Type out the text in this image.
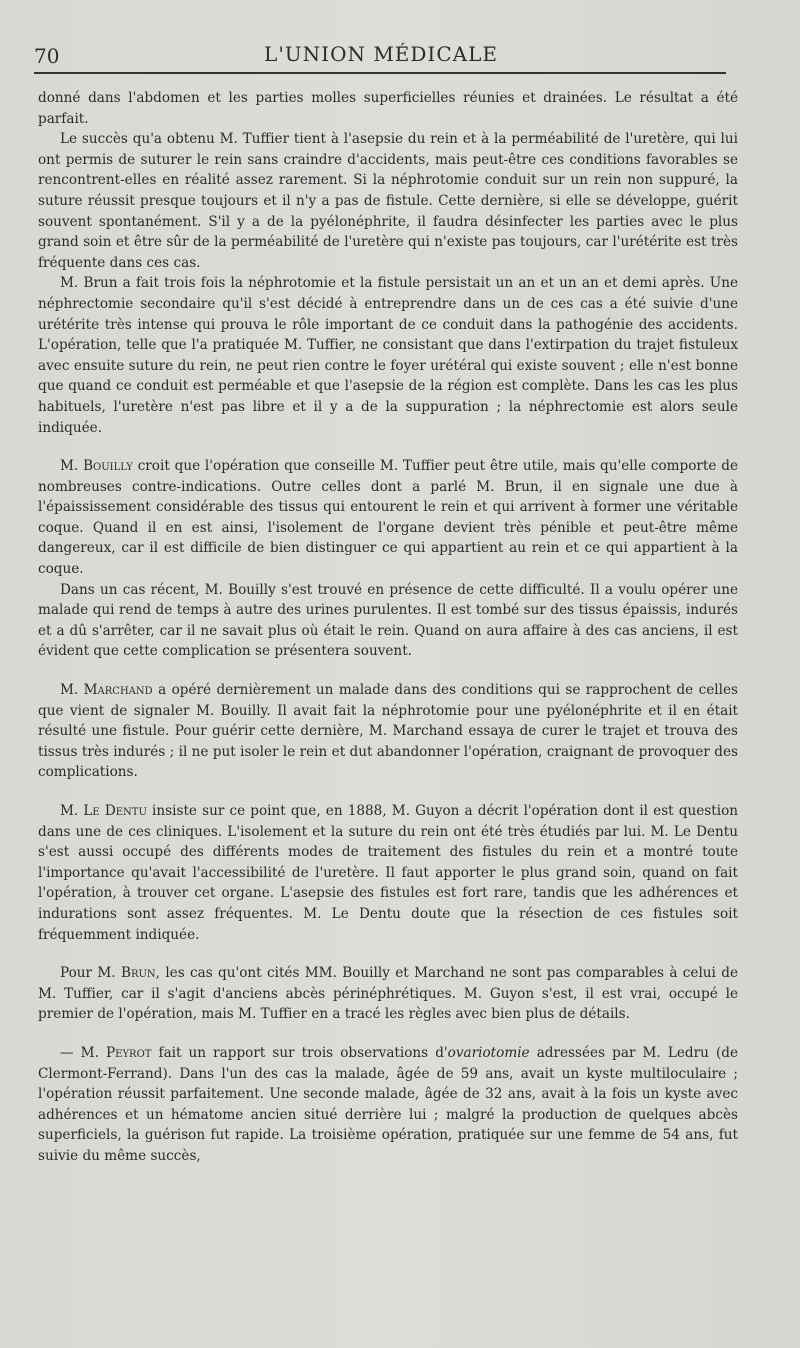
70	L'UNION MÉDICALE

donné dans l'abdomen et les parties molles superficielles réunies et drainées. Le résultat a été parfait.

Le succès qu'a obtenu M. Tuffier tient à l'asepsie du rein et à la perméabilité de l'uretère, qui lui ont permis de suturer le rein sans craindre d'accidents, mais peut-être ces conditions favorables se rencontrent-elles en réalité assez rarement. Si la néphrotomie conduit sur un rein non suppuré, la suture réussit presque toujours et il n'y a pas de fistule. Cette dernière, si elle se développe, guérit souvent spontanément. S'il y a de la pyélonéphrite, il faudra désinfecter les parties avec le plus grand soin et être sûr de la perméabilité de l'uretère qui n'existe pas toujours, car l'urétérite est très fréquente dans ces cas.

M. Brun a fait trois fois la néphrotomie et la fistule persistait un an et un an et demi après. Une néphrectomie secondaire qu'il s'est décidé à entreprendre dans un de ces cas a été suivie d'une urétérite très intense qui prouva le rôle important de ce conduit dans la pathogénie des accidents. L'opération, telle que l'a pratiquée M. Tuffier, ne consistant que dans l'extirpation du trajet fistuleux avec ensuite suture du rein, ne peut rien contre le foyer urétéral qui existe souvent ; elle n'est bonne que quand ce conduit est perméable et que l'asepsie de la région est complète. Dans les cas les plus habituels, l'uretère n'est pas libre et il y a de la suppuration ; la néphrectomie est alors seule indiquée.

M. Bouilly croit que l'opération que conseille M. Tuffier peut être utile, mais qu'elle comporte de nombreuses contre-indications. Outre celles dont a parlé M. Brun, il en signale une due à l'épaississement considérable des tissus qui entourent le rein et qui arrivent à former une véritable coque. Quand il en est ainsi, l'isolement de l'organe devient très pénible et peut-être même dangereux, car il est difficile de bien distinguer ce qui appartient au rein et ce qui appartient à la coque.

Dans un cas récent, M. Bouilly s'est trouvé en présence de cette difficulté. Il a voulu opérer une malade qui rend de temps à autre des urines purulentes. Il est tombé sur des tissus épaissis, indurés et a dû s'arrêter, car il ne savait plus où était le rein. Quand on aura affaire à des cas anciens, il est évident que cette complication se présentera souvent.

M. Marchand a opéré dernièrement un malade dans des conditions qui se rapprochent de celles que vient de signaler M. Bouilly. Il avait fait la néphrotomie pour une pyélonéphrite et il en était résulté une fistule. Pour guérir cette dernière, M. Marchand essaya de curer le trajet et trouva des tissus très indurés ; il ne put isoler le rein et dut abandonner l'opération, craignant de provoquer des complications.

M. Le Dentu insiste sur ce point que, en 1888, M. Guyon a décrit l'opération dont il est question dans une de ces cliniques. L'isolement et la suture du rein ont été très étudiés par lui. M. Le Dentu s'est aussi occupé des différents modes de traitement des fistules du rein et a montré toute l'importance qu'avait l'accessibilité de l'uretère. Il faut apporter le plus grand soin, quand on fait l'opération, à trouver cet organe. L'asepsie des fistules est fort rare, tandis que les adhérences et indurations sont assez fréquentes. M. Le Dentu doute que la résection de ces fistules soit fréquemment indiquée.

Pour M. Brun, les cas qu'ont cités MM. Bouilly et Marchand ne sont pas comparables à celui de M. Tuffier, car il s'agit d'anciens abcès périnéphrétiques. M. Guyon s'est, il est vrai, occupé le premier de l'opération, mais M. Tuffier en a tracé les règles avec bien plus de détails.

— M. Peyrot fait un rapport sur trois observations d'ovariotomie adressées par M. Ledru (de Clermont-Ferrand). Dans l'un des cas la malade, âgée de 59 ans, avait un kyste multiloculaire ; l'opération réussit parfaitement. Une seconde malade, âgée de 32 ans, avait à la fois un kyste avec adhérences et un hématome ancien situé derrière lui ; malgré la production de quelques abcès superficiels, la guérison fut rapide. La troisième opération, pratiquée sur une femme de 54 ans, fut suivie du même succès,
